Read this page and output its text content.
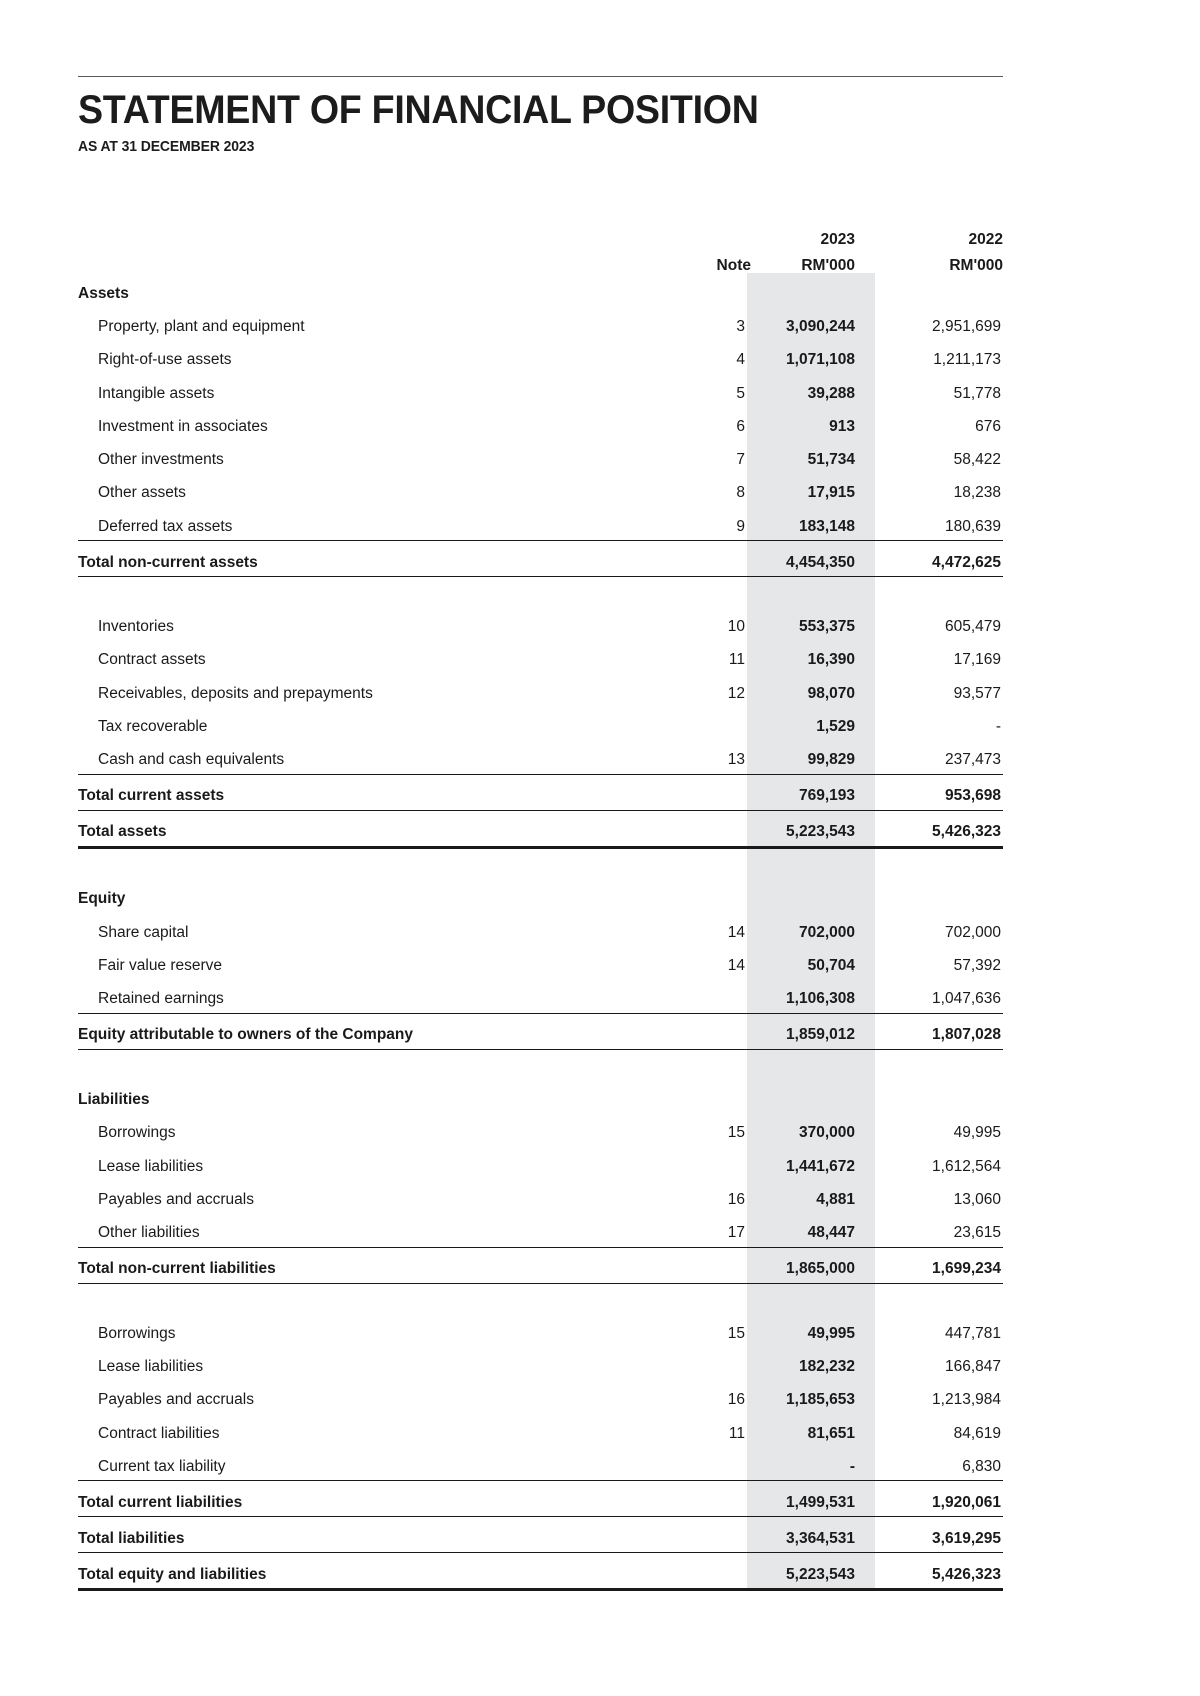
STATEMENT OF FINANCIAL POSITION
AS AT 31 DECEMBER 2023
		2023	2022
	Note	RM'000	RM'000
Assets			
Property, plant and equipment	3	3,090,244	2,951,699
Right-of-use assets	4	1,071,108	1,211,173
Intangible assets	5	39,288	51,778
Investment in associates	6	913	676
Other investments	7	51,734	58,422
Other assets	8	17,915	18,238
Deferred tax assets	9	183,148	180,639
Total non-current assets		4,454,350	4,472,625

Inventories	10	553,375	605,479
Contract assets	11	16,390	17,169
Receivables, deposits and prepayments	12	98,070	93,577
Tax recoverable		1,529	-
Cash and cash equivalents	13	99,829	237,473
Total current assets		769,193	953,698
Total assets		5,223,543	5,426,323

Equity			
Share capital	14	702,000	702,000
Fair value reserve	14	50,704	57,392
Retained earnings		1,106,308	1,047,636
Equity attributable to owners of the Company		1,859,012	1,807,028

Liabilities			
Borrowings	15	370,000	49,995
Lease liabilities		1,441,672	1,612,564
Payables and accruals	16	4,881	13,060
Other liabilities	17	48,447	23,615
Total non-current liabilities		1,865,000	1,699,234

Borrowings	15	49,995	447,781
Lease liabilities		182,232	166,847
Payables and accruals	16	1,185,653	1,213,984
Contract liabilities	11	81,651	84,619
Current tax liability		-	6,830
Total current liabilities		1,499,531	1,920,061
Total liabilities		3,364,531	3,619,295
Total equity and liabilities		5,223,543	5,426,323
